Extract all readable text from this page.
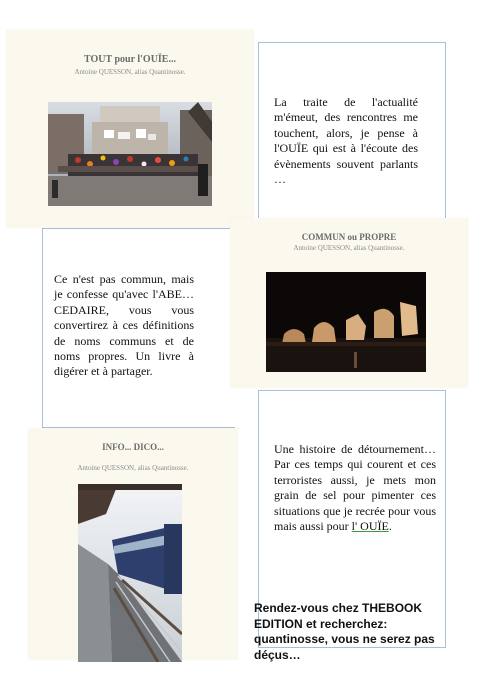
TOUT pour l'OUÏE...
Antoine QUESSON, alias Quantinosse.
La traite de l'actualité m'émeut, des rencontres me touchent, alors, je pense à l'OUÏE qui est à l'écoute des évènements souvent parlants …
COMMUN ou PROPRE
Antoine QUESSON, alias Quantinosse.
Ce n'est pas commun, mais je confesse qu'avec l'ABE… CEDAIRE, vous vous convertirez à ces définitions de noms communs et de noms propres. Un livre à digérer et à partager.
INFO... DICO...
Antoine QUESSON, alias Quantinosse.
Une histoire de détournement… Par ces temps qui courent et ces terroristes aussi, je mets mon grain de sel pour pimenter ces situations que je recrée pour vous mais aussi pour l' OUÏE.
Rendez-vous chez THEBOOK EDITION et recherchez: quantinosse, vous ne serez pas déçus…
